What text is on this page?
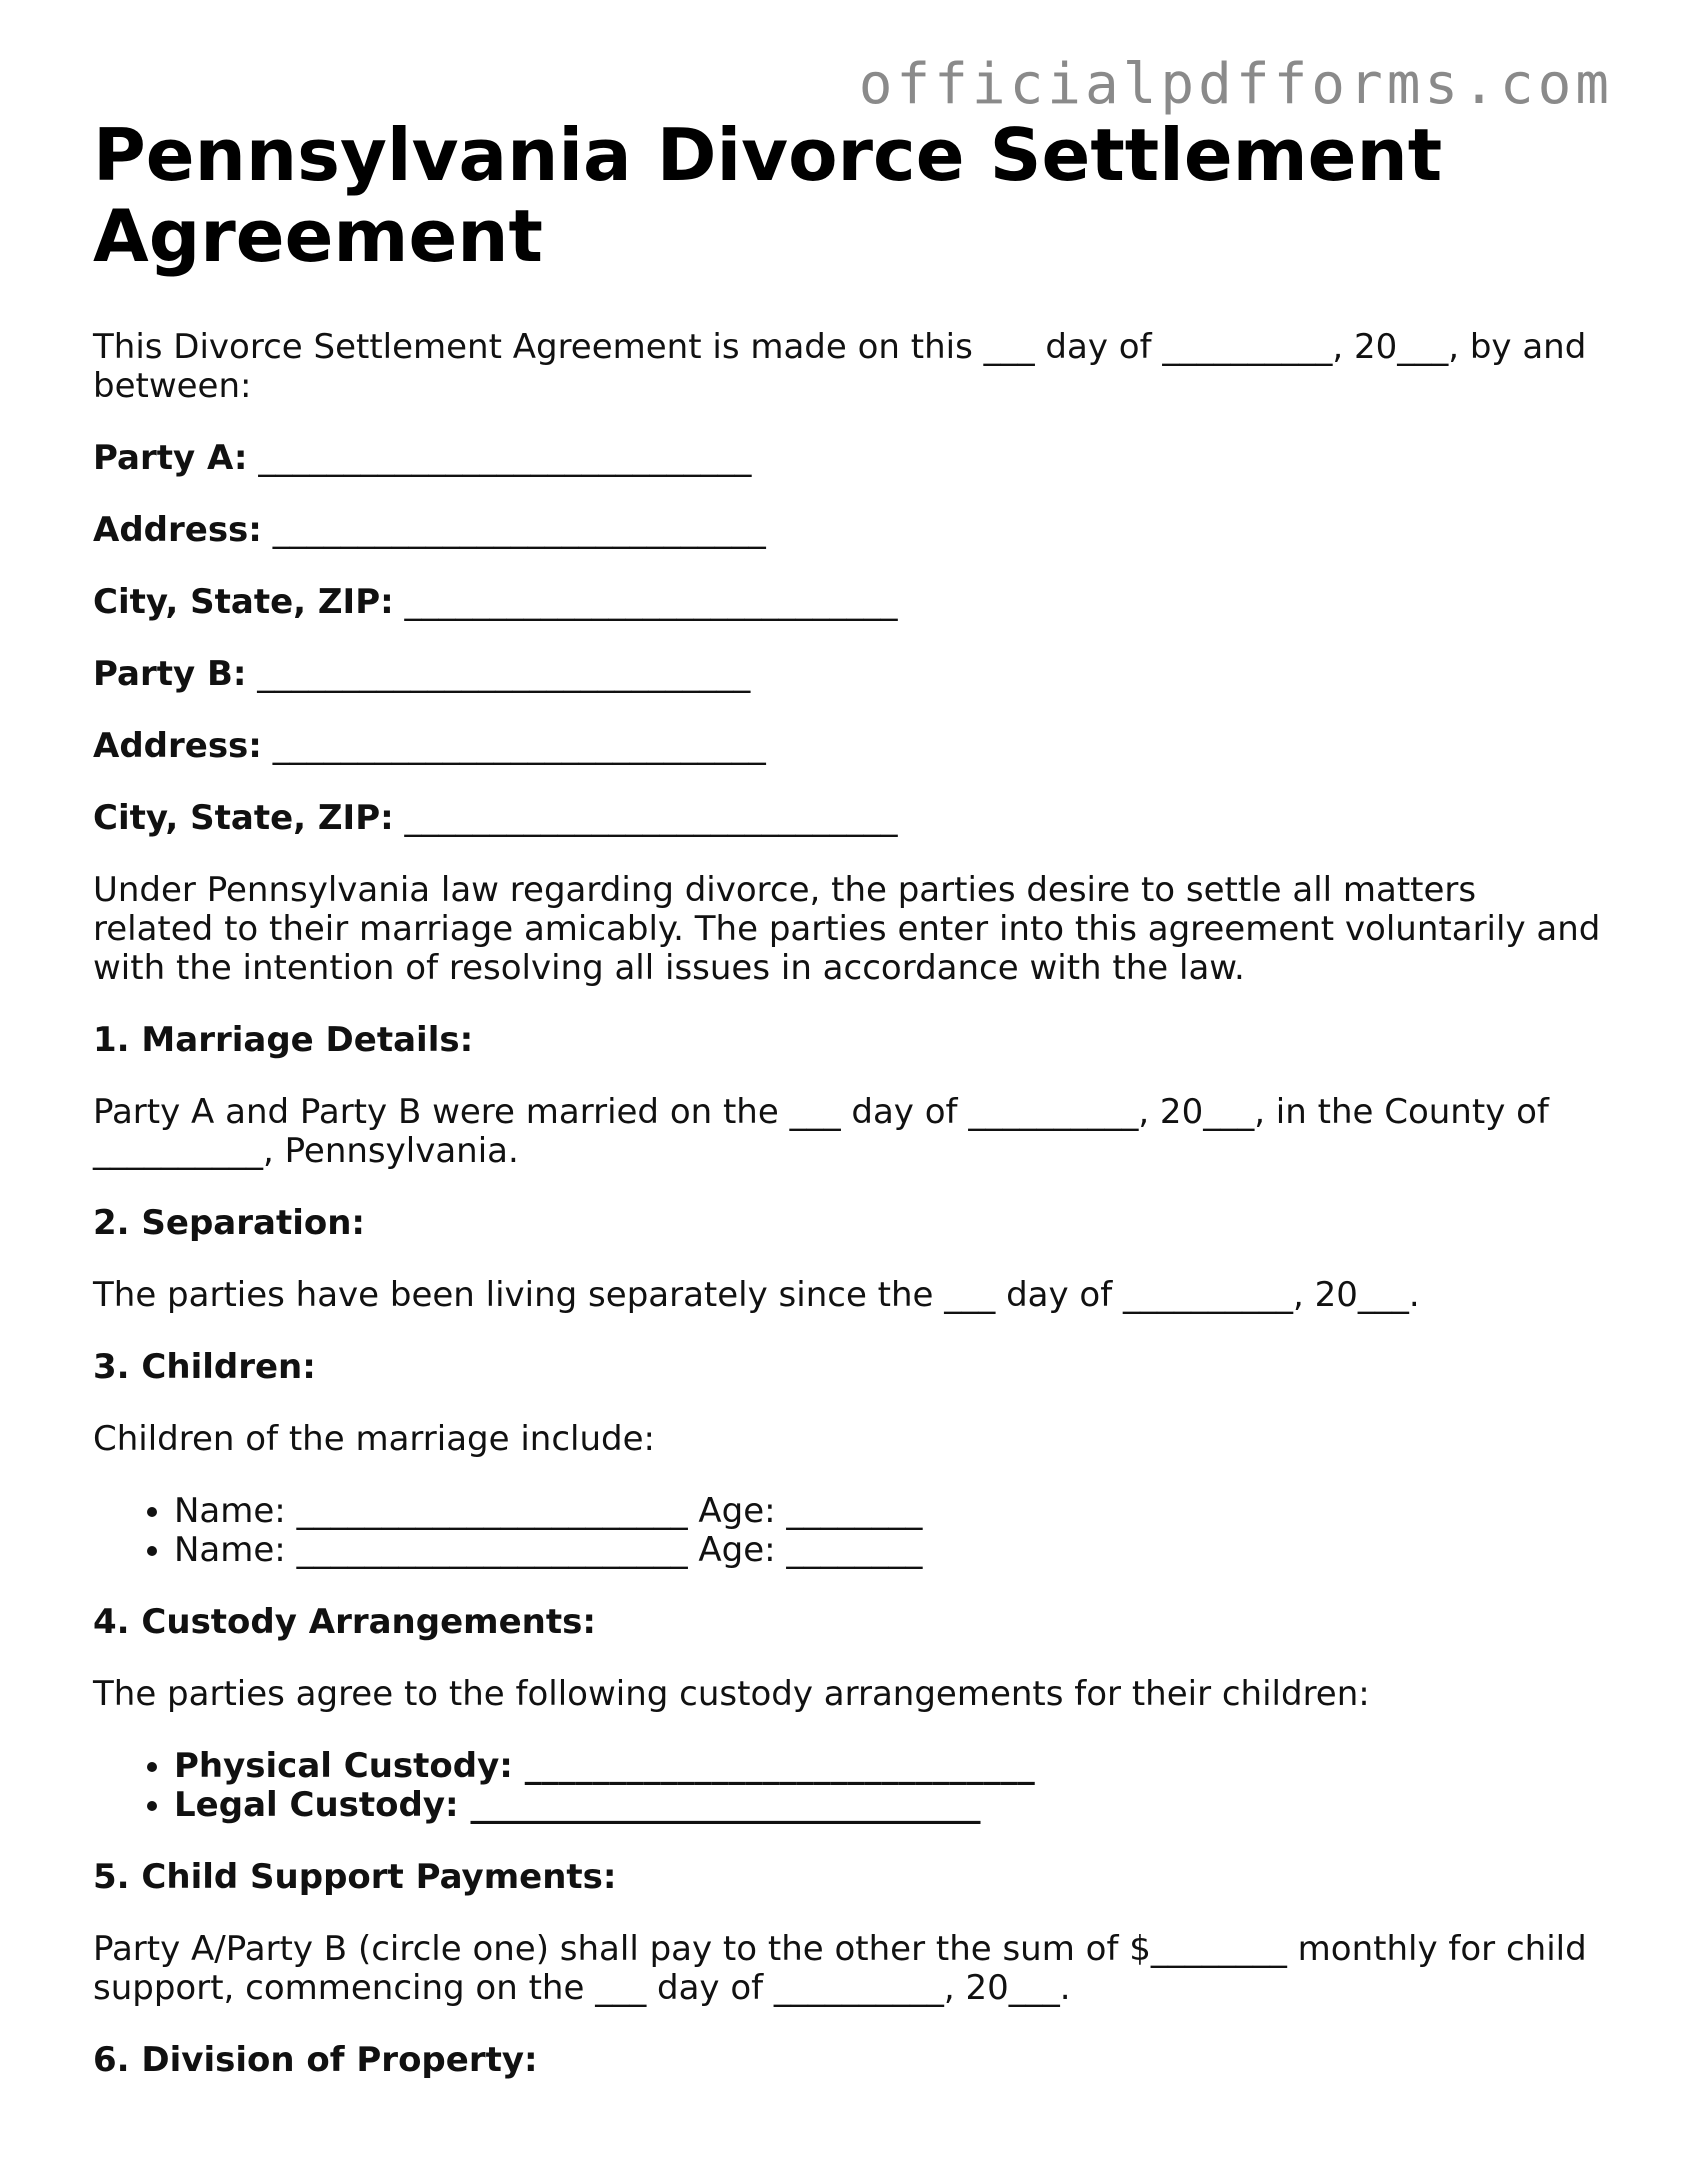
officialpdfforms.com
Pennsylvania Divorce Settlement Agreement
This Divorce Settlement Agreement is made on this ___ day of __________, 20___, by and between:
Party A: _____________________________
Address: _____________________________
City, State, ZIP: _____________________________
Party B: _____________________________
Address: _____________________________
City, State, ZIP: _____________________________
Under Pennsylvania law regarding divorce, the parties desire to settle all matters related to their marriage amicably. The parties enter into this agreement voluntarily and with the intention of resolving all issues in accordance with the law.
1. Marriage Details:
Party A and Party B were married on the ___ day of __________, 20___, in the County of __________, Pennsylvania.
2. Separation:
The parties have been living separately since the ___ day of __________, 20___.
3. Children:
Children of the marriage include:
• Name: _______________________ Age: ________
• Name: _______________________ Age: ________
4. Custody Arrangements:
The parties agree to the following custody arrangements for their children:
• Physical Custody: ______________________________
• Legal Custody: ______________________________
5. Child Support Payments:
Party A/Party B (circle one) shall pay to the other the sum of $________ monthly for child support, commencing on the ___ day of __________, 20___.
6. Division of Property:
